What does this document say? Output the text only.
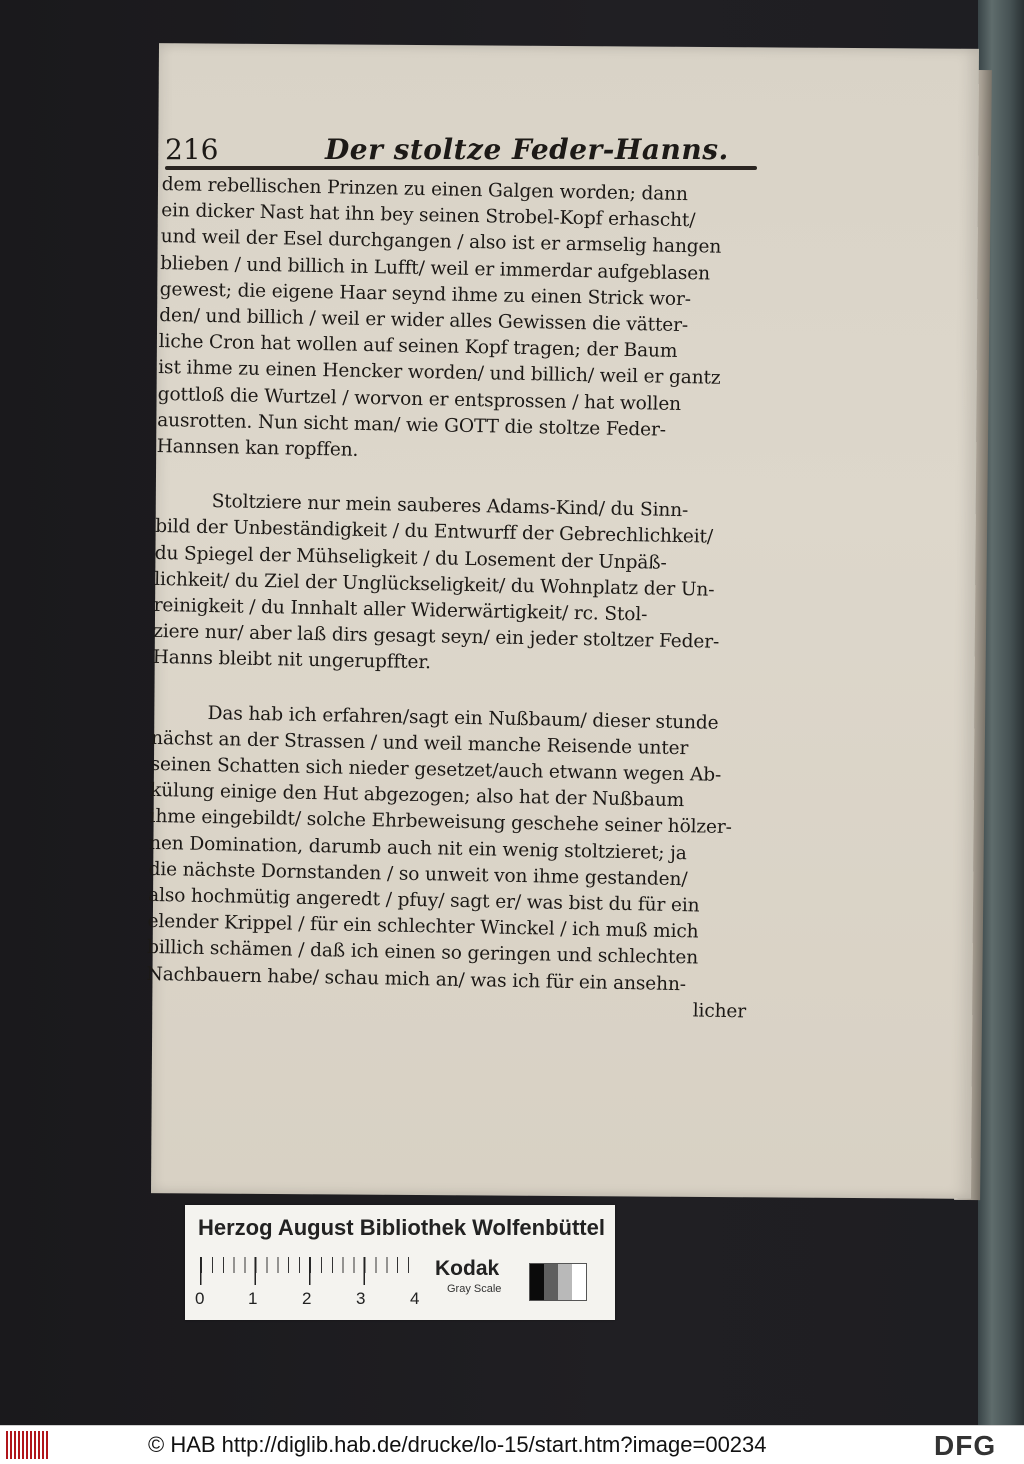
216	Der stoltze Feder-Hanns.

dem rebellischen Prinzen zu einen Galgen worden; dann

ein dicker Nast hat ihn bey seinen Strobel-Kopf erhascht/

und weil der Esel durchgangen / also ist er armselig hangen

blieben / und billich in Lufft/ weil er immerdar aufgeblasen

gewest; die eigene Haar seynd ihme zu einen Strick wor-

den/ und billich / weil er wider alles Gewissen die vätter-

liche Cron hat wollen auf seinen Kopf tragen; der Baum

ist ihme zu einen Hencker worden/ und billich/ weil er gantz

gottloß die Wurtzel / worvon er entsprossen / hat wollen

ausrotten. Nun sicht man/ wie GOTT die stoltze Feder-

Hannsen kan ropffen.

Stoltziere nur mein sauberes Adams-Kind/ du Sinn-

bild der Unbeständigkeit / du Entwurff der Gebrechlichkeit/

du Spiegel der Mühseligkeit / du Losement der Unpäß-

lichkeit/ du Ziel der Unglückseligkeit/ du Wohnplatz der Un-

reinigkeit / du Innhalt aller Widerwärtigkeit/ rc. Stol-

ziere nur/ aber laß dirs gesagt seyn/ ein jeder stoltzer Feder-

Hanns bleibt nit ungerupffter.

Das hab ich erfahren/sagt ein Nußbaum/ dieser stunde

nächst an der Strassen / und weil manche Reisende unter

seinen Schatten sich nieder gesetzet/auch etwann wegen Ab-

külung einige den Hut abgezogen; also hat der Nußbaum

ihme eingebildt/ solche Ehrbeweisung geschehe seiner hölzer-

nen Domination, darumb auch nit ein wenig stoltzieret; ja

die nächste Dornstanden / so unweit von ihme gestanden/

also hochmütig angeredt / pfuy/ sagt er/ was bist du für ein

elender Krippel / für ein schlechter Winckel / ich muß mich

billich schämen / daß ich einen so geringen und schlechten

Nachbauern habe/ schau mich an/ was ich für ein ansehn-

licher

Herzog August Bibliothek Wolfenbüttel
0	1	2	3	4
Kodak
Gray Scale
© HAB http://diglib.hab.de/drucke/lo-15/start.htm?image=00234	DFG
